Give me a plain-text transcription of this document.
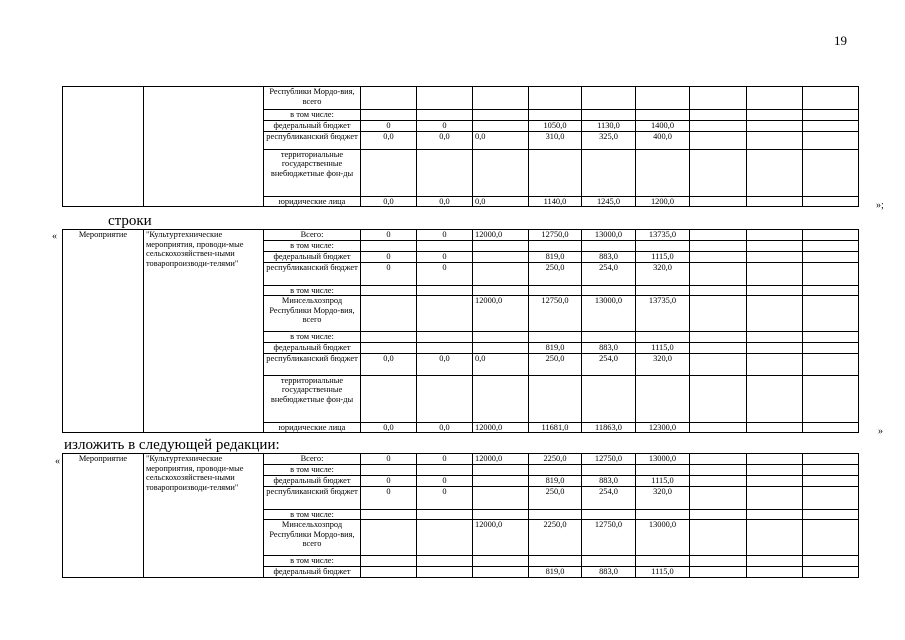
19
		Республики Мордо-вия, всего									
		в том числе:									
		федеральный бюджет	0	0		1050,0	1130,0	1400,0			
		республиканский бюджет	0,0	0,0	0,0	310,0	325,0	400,0			
		территориальные государственные внебюджетные фон-ды									
		юридические лица	0,0	0,0	0,0	1140,0	1245,0	1200,0				»;
строки
«	Мероприятие	"Культуртехнические мероприятия, проводи-мые сельскохозяйствен-ными товаропроизводи-телями"	Всего:	0	0	12000,0	12750,0	13000,0	13735,0			
		в том числе:									
		федеральный бюджет	0	0		819,0	883,0	1115,0			
		республиканский бюджет	0	0		250,0	254,0	320,0			
		в том числе:									
		Минсельхозпрод Республики Мордо-вия, всего			12000,0	12750,0	13000,0	13735,0			
		в том числе:									
		федеральный бюджет				819,0	883,0	1115,0			
		республиканский бюджет	0,0	0,0	0,0	250,0	254,0	320,0			
		территориальные государственные внебюджетные фон-ды									
		юридические лица	0,0	0,0	12000,0	11681,0	11863,0	12300,0				»
изложить в следующей редакции:
« Мероприятие	"Культуртехнические мероприятия, проводи-мые сельскохозяйствен-ными товаропроизводи-телями"	Всего:	0	0	12000,0	2250,0	12750,0	13000,0			
		в том числе:									
		федеральный бюджет	0	0		819,0	883,0	1115,0			
		республиканский бюджет	0	0		250,0	254,0	320,0			
		в том числе:									
		Минсельхозпрод Республики Мордо-вия, всего			12000,0	2250,0	12750,0	13000,0			
		в том числе:									
		федеральный бюджет				819,0	883,0	1115,0			
